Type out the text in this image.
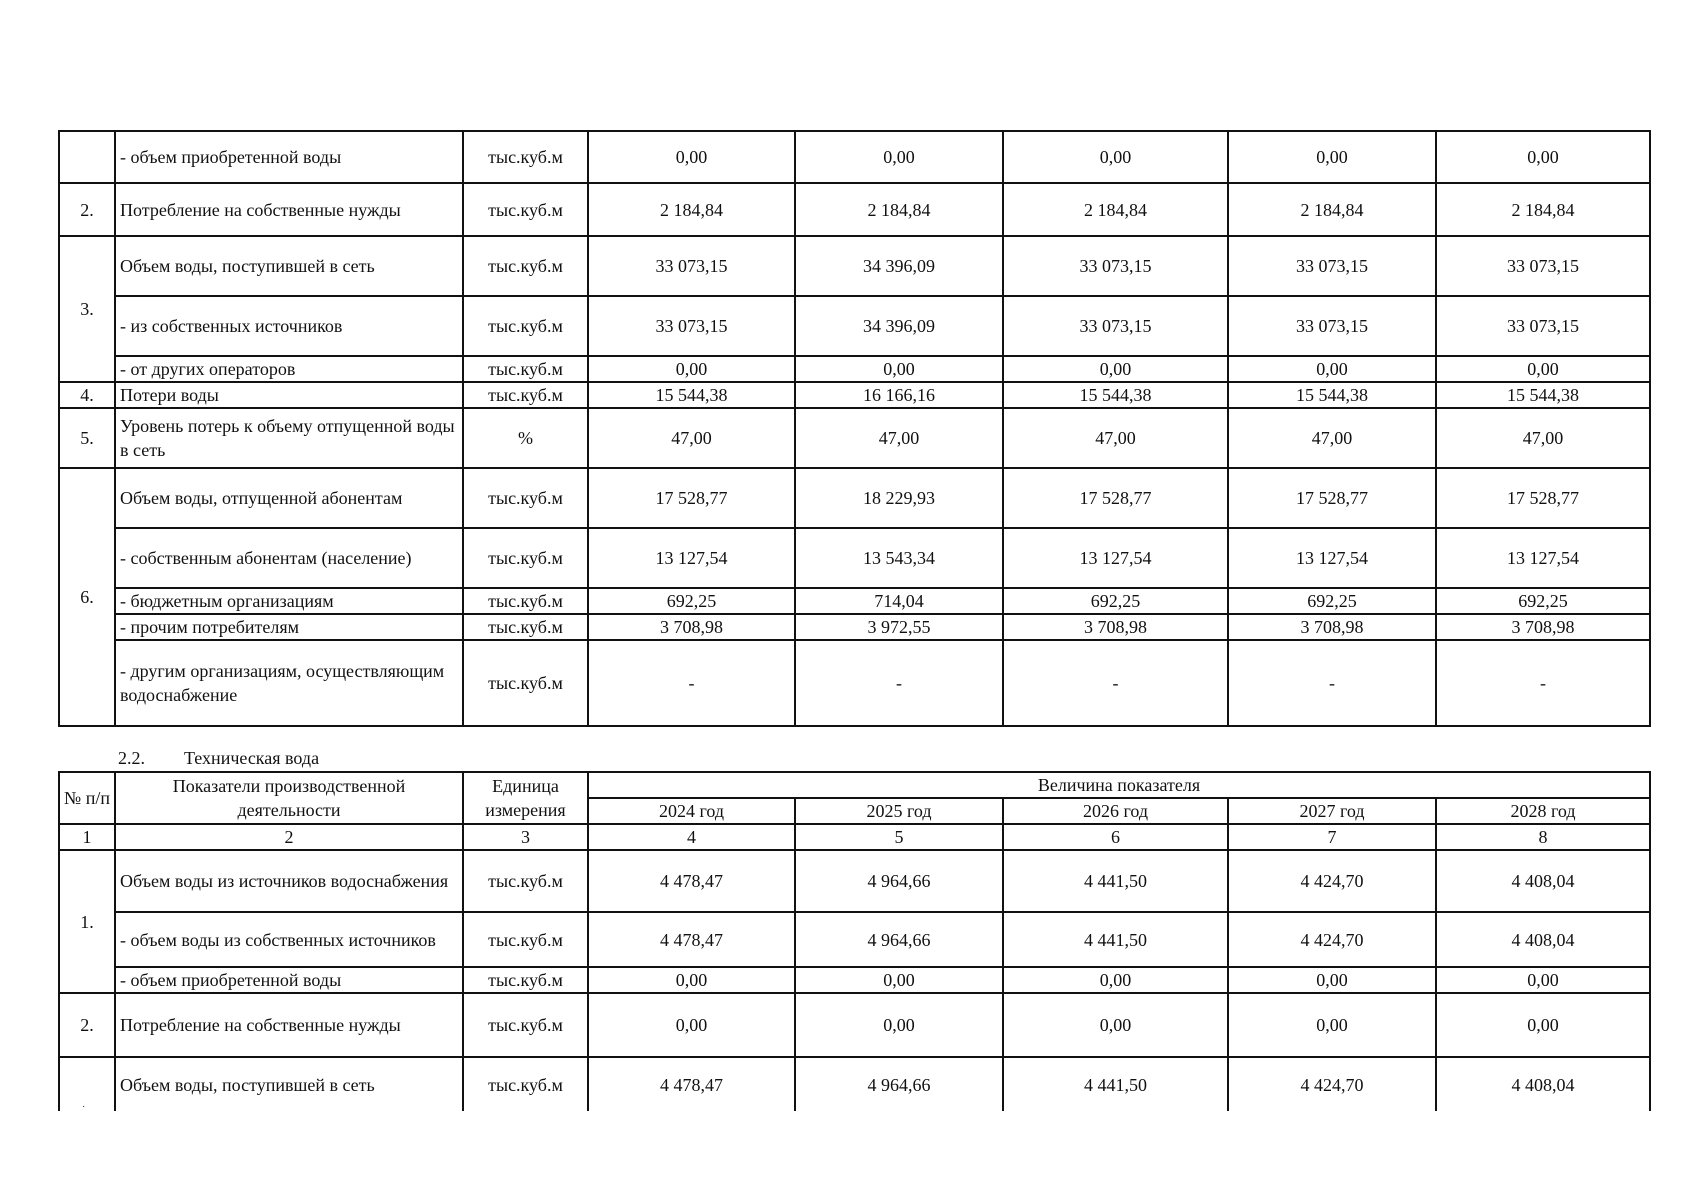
	- объем приобретенной воды	тыс.куб.м	0,00	0,00	0,00	0,00	0,00
2.	Потребление на собственные нужды	тыс.куб.м	2 184,84	2 184,84	2 184,84	2 184,84	2 184,84
3.	Объем воды, поступившей в сеть	тыс.куб.м	33 073,15	34 396,09	33 073,15	33 073,15	33 073,15
	- из собственных источников	тыс.куб.м	33 073,15	34 396,09	33 073,15	33 073,15	33 073,15
	- от других операторов	тыс.куб.м	0,00	0,00	0,00	0,00	0,00
4.	Потери воды	тыс.куб.м	15 544,38	16 166,16	15 544,38	15 544,38	15 544,38
5.	Уровень потерь к объему отпущенной воды в сеть	%	47,00	47,00	47,00	47,00	47,00
6.	Объем воды, отпущенной абонентам	тыс.куб.м	17 528,77	18 229,93	17 528,77	17 528,77	17 528,77
	- собственным абонентам (население)	тыс.куб.м	13 127,54	13 543,34	13 127,54	13 127,54	13 127,54
	- бюджетным организациям	тыс.куб.м	692,25	714,04	692,25	692,25	692,25
	- прочим потребителям	тыс.куб.м	3 708,98	3 972,55	3 708,98	3 708,98	3 708,98
	- другим организациям, осуществляющим водоснабжение	тыс.куб.м	-	-	-	-	-
2.2. Техническая вода
№ п/п	Показатели производственной деятельности	Единица измерения	Величина показателя				
			2024 год	2025 год	2026 год	2027 год	2028 год
1	2	3	4	5	6	7	8
1.	Объем воды из источников водоснабжения	тыс.куб.м	4 478,47	4 964,66	4 441,50	4 424,70	4 408,04
	- объем воды из собственных источников	тыс.куб.м	4 478,47	4 964,66	4 441,50	4 424,70	4 408,04
	- объем приобретенной воды	тыс.куб.м	0,00	0,00	0,00	0,00	0,00
2.	Потребление на собственные нужды	тыс.куб.м	0,00	0,00	0,00	0,00	0,00
	Объем воды, поступившей в сеть	тыс.куб.м	4 478,47	4 964,66	4 441,50	4 424,70	4 408,04
˙
